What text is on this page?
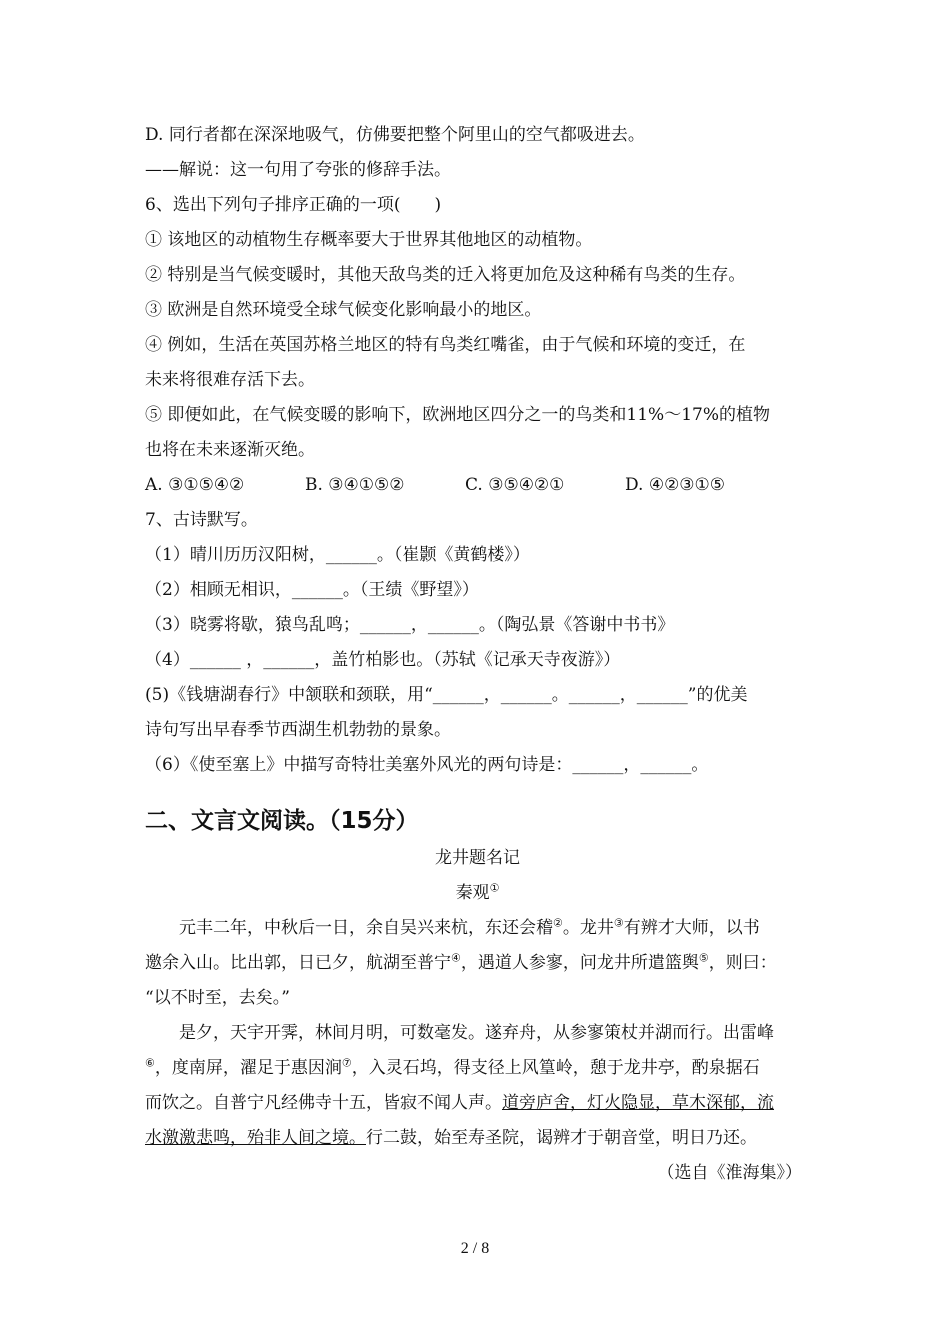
D. 同行者都在深深地吸气，仿佛要把整个阿里山的空气都吸进去。
——解说：这一句用了夸张的修辞手法。
6、选出下列句子排序正确的一项(　　)
① 该地区的动植物生存概率要大于世界其他地区的动植物。
② 特别是当气候变暖时，其他天敌鸟类的迁入将更加危及这种稀有鸟类的生存。
③ 欧洲是自然环境受全球气候变化影响最小的地区。
④ 例如，生活在英国苏格兰地区的特有鸟类红嘴雀，由于气候和环境的变迁，在
未来将很难存活下去。
⑤ 即便如此，在气候变暖的影响下，欧洲地区四分之一的鸟类和11%～17%的植物
也将在未来逐渐灭绝。
A. ③①⑤④②	B. ③④①⑤②	C. ③⑤④②①	D. ④②③①⑤
7、古诗默写。
（1）晴川历历汉阳树，______。（崔颢《黄鹤楼》）
（2）相顾无相识，______。（王绩《野望》）
（3）晓雾将歇，猿鸟乱鸣；______，______。（陶弘景《答谢中书书》
（4）______ ，______，盖竹柏影也。（苏轼《记承天寺夜游》）
(5)《钱塘湖春行》中颔联和颈联，用“______，______。______，______”的优美
诗句写出早春季节西湖生机勃勃的景象。
（6）《使至塞上》中描写奇特壮美塞外风光的两句诗是：______，______。
二、文言文阅读。（15分）
龙井题名记
秦观①
元丰二年，中秋后一日，余自吴兴来杭，东还会稽②。龙井③有辨才大师，以书
邀余入山。比出郭，日已夕，航湖至普宁④，遇道人参寥，问龙井所遣篮舆⑤，则曰：
“以不时至，去矣。”
是夕，天宇开霁，林间月明，可数毫发。遂弃舟，从参寥策杖并湖而行。出雷峰
⑥，度南屏，濯足于惠因涧⑦，入灵石坞，得支径上风篁岭，憩于龙井亭，酌泉据石
而饮之。自普宁凡经佛寺十五，皆寂不闻人声。道旁庐舍，灯火隐显，草木深郁，流
水激激悲鸣，殆非人间之境。行二鼓，始至寿圣院，谒辨才于朝音堂，明日乃还。
（选自《淮海集》）
2 / 8
